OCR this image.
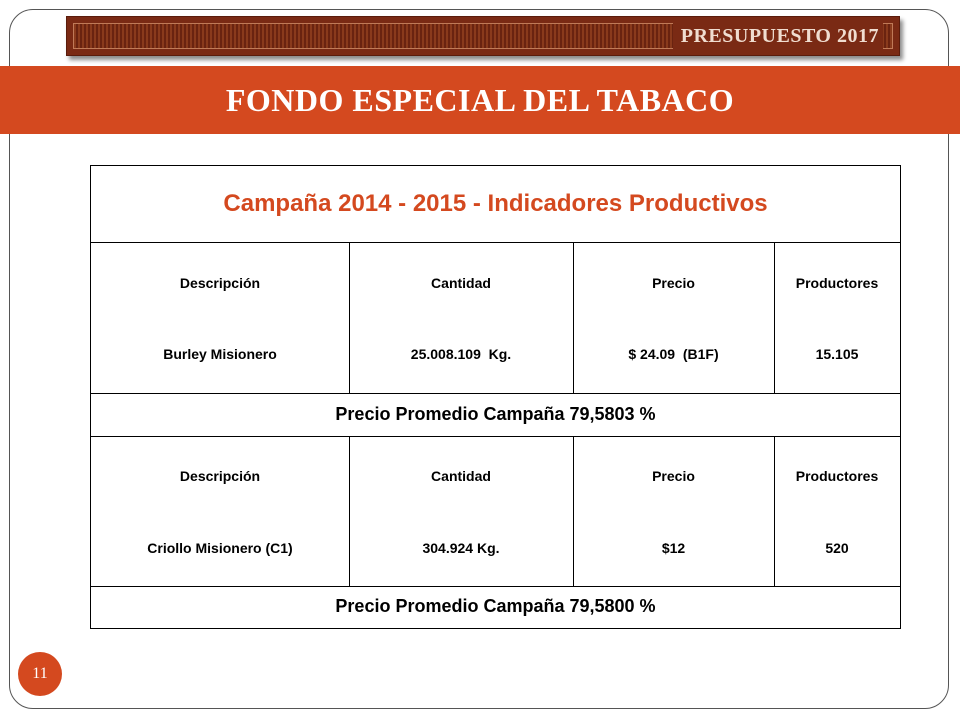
PRESUPUESTO 2017
FONDO ESPECIAL DEL TABACO
Campaña 2014 - 2015 - Indicadores Productivos
Descripción
Burley Misionero
Cantidad
25.008.109  Kg.
Precio
$ 24.09  (B1F)
Productores
15.105
Precio Promedio Campaña 79,5803 %
Descripción
Criollo Misionero (C1)
Cantidad
304.924 Kg.
Precio
$12
Productores
520
Precio Promedio Campaña 79,5800 %
11
